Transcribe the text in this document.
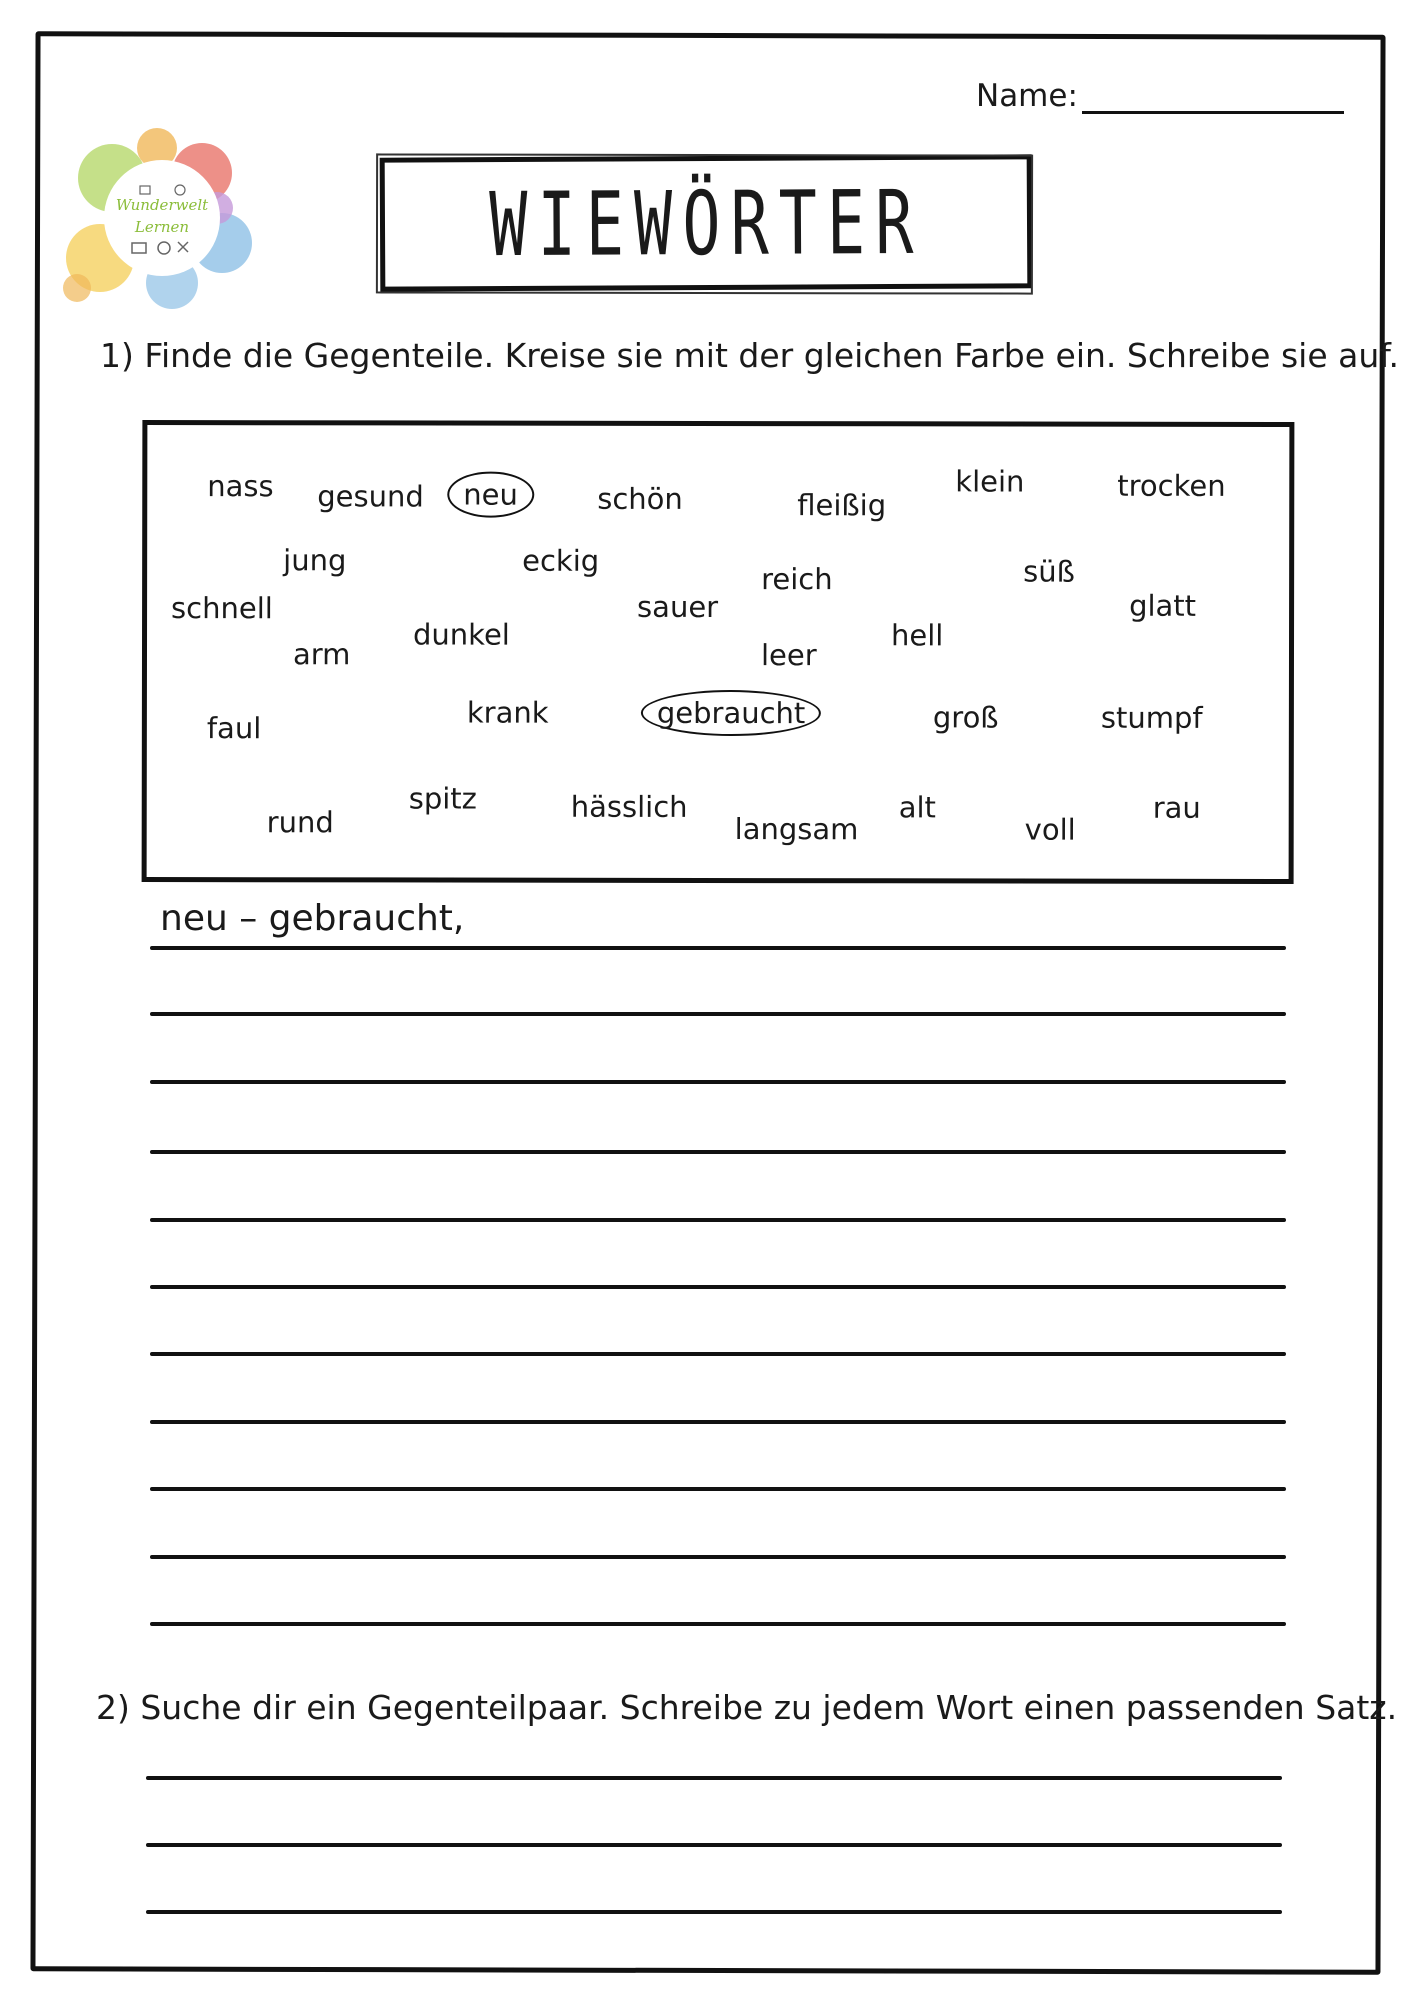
Wunderwelt
Lernen
Name:
WIEWÖRTER
1) Finde die Gegenteile. Kreise sie mit der gleichen Farbe ein. Schreibe sie auf.
nass gesund	neu	schön	fleißig
klein	trocken
jung	eckig
reich	süß
schnell	sauer	glatt
dunkel	hell
arm	leer
faul	krank	gebraucht	groß	stumpf
spitz	hässlich	alt	rau
rund	langsam	voll
neu – gebraucht,
2) Suche dir ein Gegenteilpaar. Schreibe zu jedem Wort einen passenden Satz.
